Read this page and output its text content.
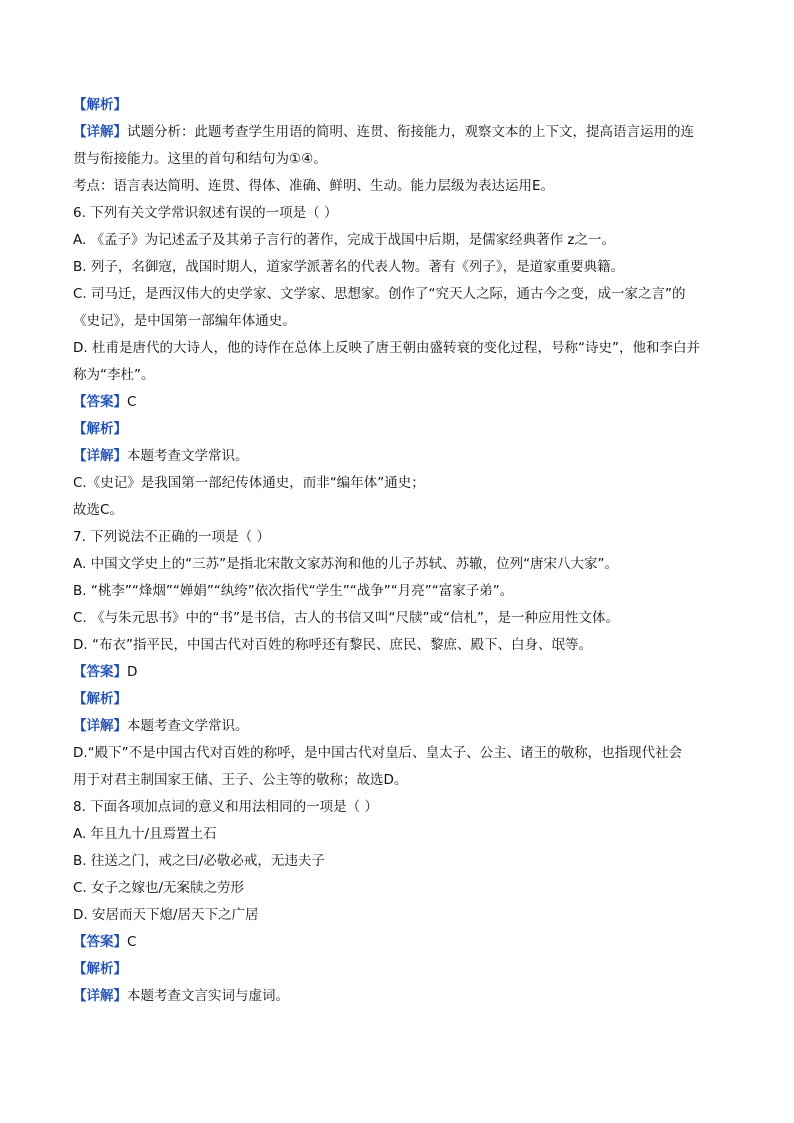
【解析】
【详解】试题分析：此题考查学生用语的简明、连贯、衔接能力，观察文本的上下文，提高语言运用的连
贯与衔接能力。这里的首句和结句为①④。
考点：语言表达简明、连贯、得体、准确、鲜明、生动。能力层级为表达运用E。
6. 下列有关文学常识叙述有误的一项是（ ）
A. 《孟子》为记述孟子及其弟子言行的著作，完成于战国中后期，是儒家经典著作 z之一。
B. 列子，名御寇，战国时期人，道家学派著名的代表人物。著有《列子》，是道家重要典籍。
C. 司马迁，是西汉伟大的史学家、文学家、思想家。创作了“究天人之际，通古今之变，成一家之言”的
《史记》，是中国第一部编年体通史。
D. 杜甫是唐代的大诗人，他的诗作在总体上反映了唐王朝由盛转衰的变化过程，号称“诗史”，他和李白并
称为“李杜”。
【答案】C
【解析】
【详解】本题考查文学常识。
C.《史记》是我国第一部纪传体通史，而非“编年体”通史；
故选C。
7. 下列说法不正确的一项是（ ）
A. 中国文学史上的“三苏”是指北宋散文家苏洵和他的儿子苏轼、苏辙，位列“唐宋八大家”。
B. “桃李”“烽烟”“婵娟”“纨绔”依次指代“学生”“战争”“月亮”“富家子弟”。
C. 《与朱元思书》中的“书”是书信，古人的书信又叫“尺牍”或“信札”，是一种应用性文体。
D. “布衣”指平民，中国古代对百姓的称呼还有黎民、庶民、黎庶、殿下、白身、氓等。
【答案】D
【解析】
【详解】本题考查文学常识。
D.“殿下”不是中国古代对百姓的称呼，是中国古代对皇后、皇太子、公主、诸王的敬称，也指现代社会
用于对君主制国家王储、王子、公主等的敬称；故选D。
8. 下面各项加点词的意义和用法相同的一项是（ ）
A. 年且九十/且焉置土石
B. 往送之门，戒之曰/必敬必戒，无违夫子
C. 女子之嫁也/无案牍之劳形
D. 安居而天下熄/居天下之广居
【答案】C
【解析】
【详解】本题考查文言实词与虚词。
